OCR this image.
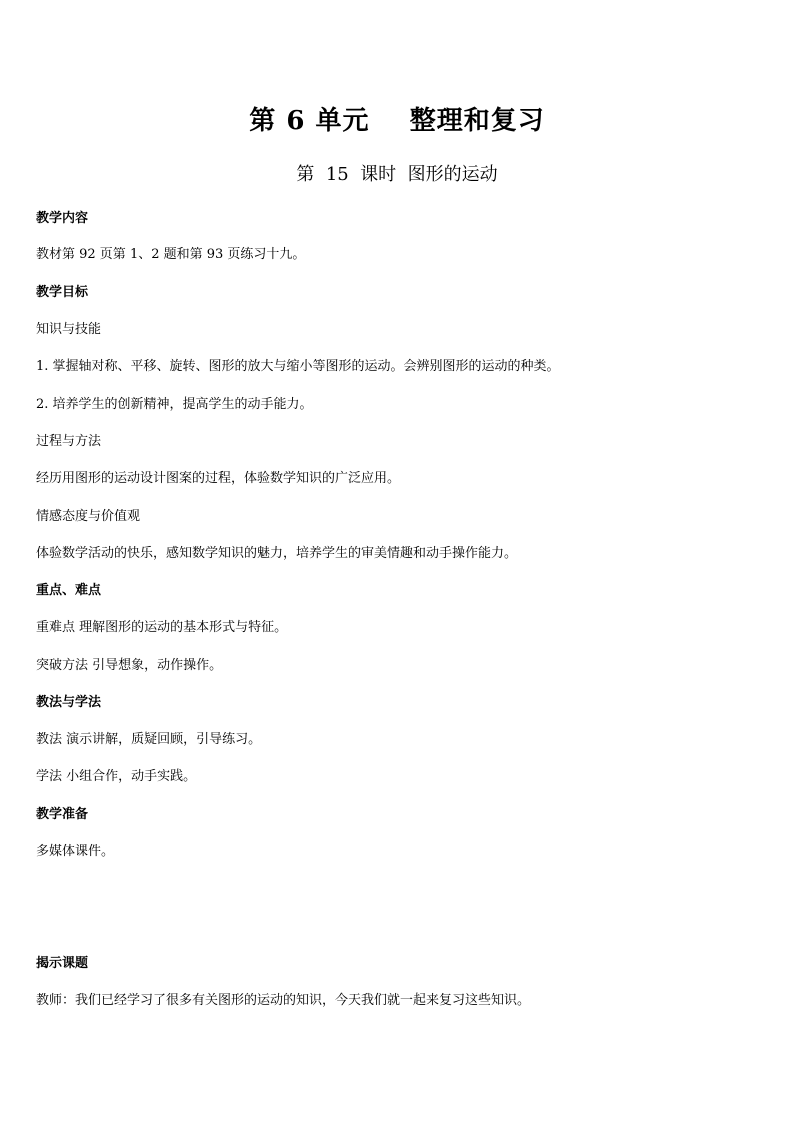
第 6 单元    整理和复习
第  15  课时  图形的运动
教学内容
教材第 92 页第 1、2 题和第 93 页练习十九。
教学目标
知识与技能
1. 掌握轴对称、平移、旋转、图形的放大与缩小等图形的运动。会辨别图形的运动的种类。
2. 培养学生的创新精神，提高学生的动手能力。
过程与方法
经历用图形的运动设计图案的过程，体验数学知识的广泛应用。
情感态度与价值观
体验数学活动的快乐，感知数学知识的魅力，培养学生的审美情趣和动手操作能力。
重点、难点
重难点 理解图形的运动的基本形式与特征。
突破方法 引导想象，动作操作。
教法与学法
教法 演示讲解，质疑回顾，引导练习。
学法 小组合作，动手实践。
教学准备
多媒体课件。
揭示课题
教师：我们已经学习了很多有关图形的运动的知识，今天我们就一起来复习这些知识。
